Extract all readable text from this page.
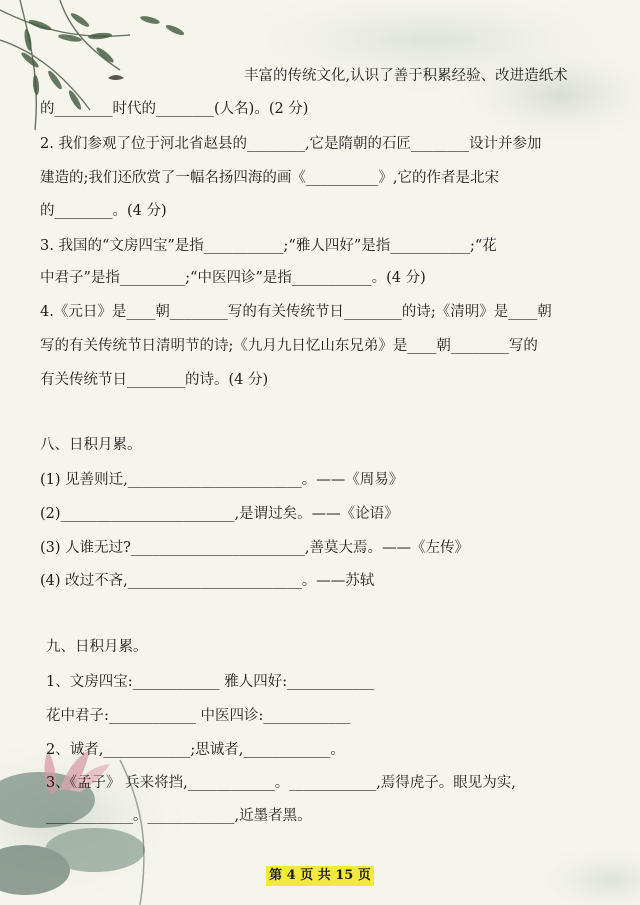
丰富的传统文化,认识了善于积累经验、改进造纸术
的________时代的________(人名)。(2 分)
2. 我们参观了位于河北省赵县的________,它是隋朝的石匠________设计并参加
建造的;我们还欣赏了一幅名扬四海的画《__________》,它的作者是北宋
的________。(4 分)
3. 我国的“文房四宝”是指___________;“雅人四好”是指___________;“花
中君子”是指_________;“中医四诊”是指___________。(4 分)
4.《元日》是____朝________写的有关传统节日________的诗;《清明》是____朝
写的有关传统节日清明节的诗;《九月九日忆山东兄弟》是____朝________写的
有关传统节日________的诗。(4 分)
八、日积月累。
(1) 见善则迁,________________________。——《周易》
(2)________________________,是谓过矣。——《论语》
(3) 人谁无过?________________________,善莫大焉。——《左传》
(4) 改过不吝,________________________。——苏轼
九、日积月累。
1、文房四宝:____________ 雅人四好:____________
花中君子:____________ 中医四诊:____________
2、诚者,____________;思诚者,____________。
3、《孟子》 兵来将挡,____________。____________,焉得虎子。眼见为实,
____________。____________,近墨者黑。
第 4 页 共 15 页
